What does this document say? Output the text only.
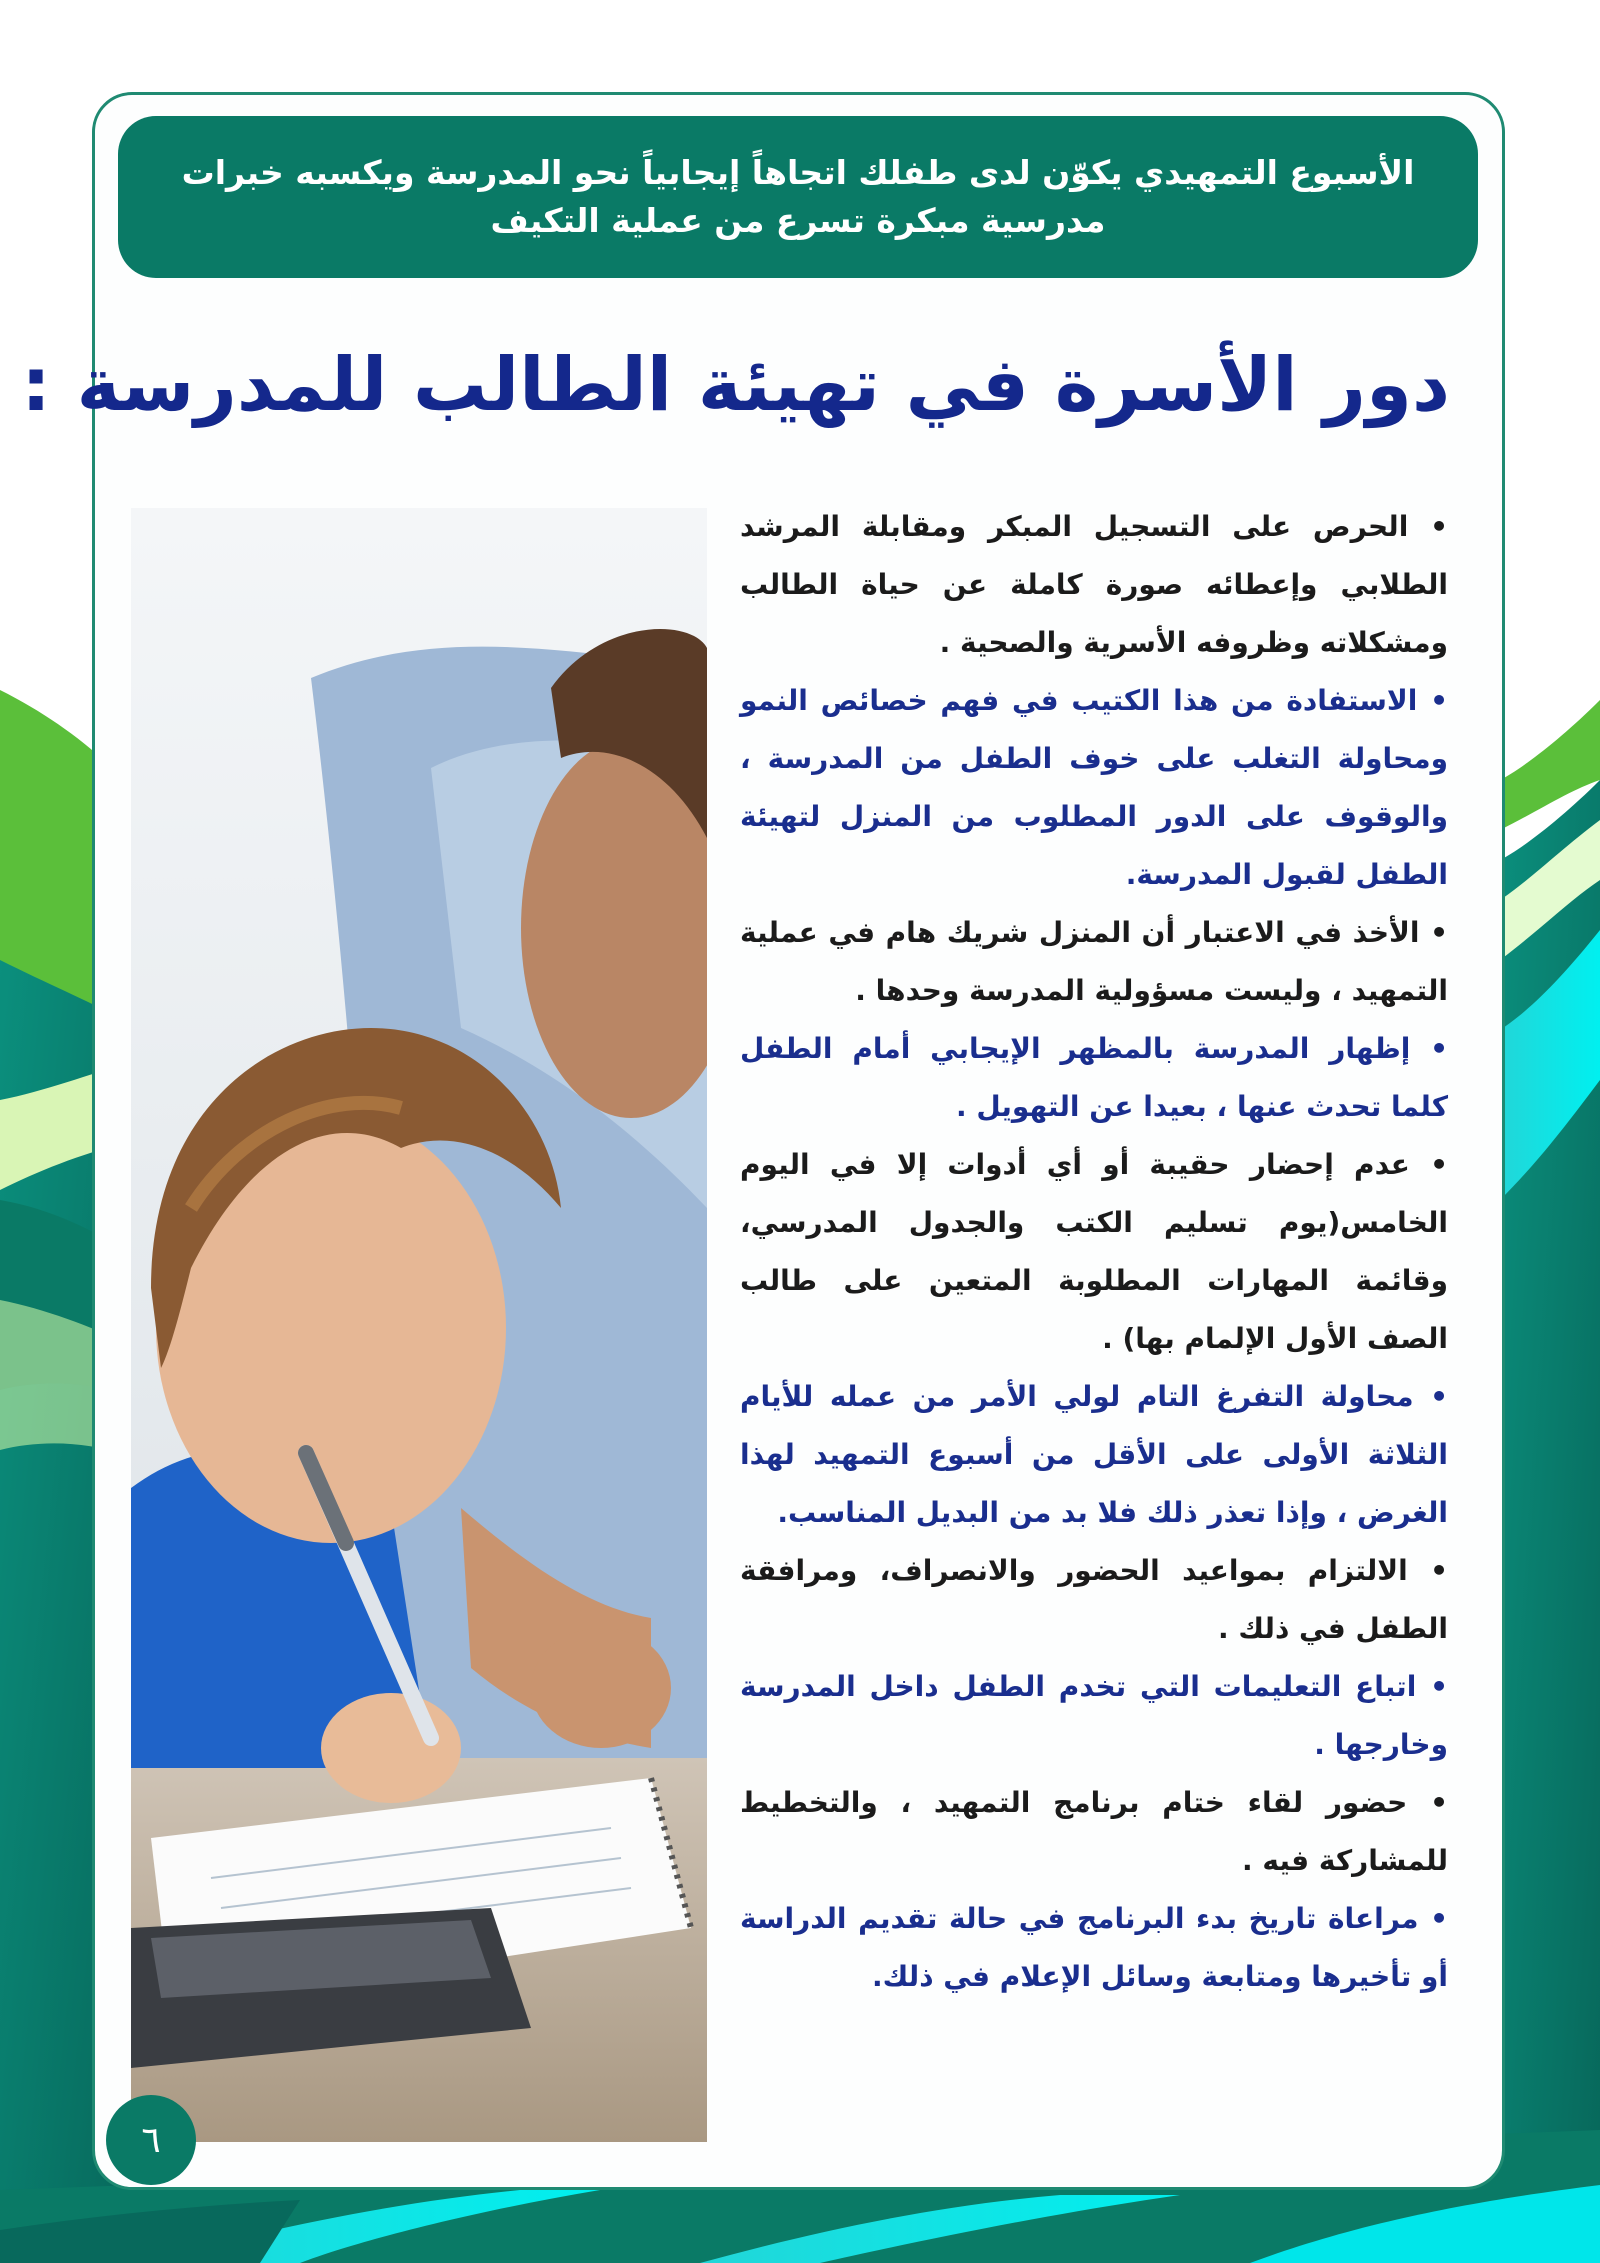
الأسبوع التمهيدي يكوّن لدى طفلك اتجاهاً إيجابياً نحو المدرسة ويكسبه خبرات مدرسية مبكرة تسرع من عملية التكيف
دور الأسرة في تهيئة الطالب للمدرسة :
• الحرص على التسجيل المبكر ومقابلة المرشد الطلابي وإعطائه صورة كاملة عن حياة الطالب ومشكلاته وظروفه الأسرية والصحية .
• الاستفادة من هذا الكتيب في فهم خصائص النمو ومحاولة التغلب على خوف الطفل من المدرسة ، والوقوف على الدور المطلوب من المنزل لتهيئة الطفل لقبول المدرسة.
• الأخذ في الاعتبار أن المنزل شريك هام في عملية التمهيد ، وليست مسؤولية المدرسة وحدها .
• إظهار المدرسة بالمظهر الإيجابي أمام الطفل كلما تحدث عنها ، بعيدا عن التهويل .
• عدم إحضار حقيبة أو أي أدوات إلا في اليوم الخامس(يوم تسليم الكتب والجدول المدرسي، وقائمة المهارات المطلوبة المتعين على طالب الصف الأول الإلمام بها) .
• محاولة التفرغ التام لولي الأمر من عمله للأيام الثلاثة الأولى على الأقل من أسبوع التمهيد لهذا الغرض ، وإذا تعذر ذلك فلا بد من البديل المناسب.
• الالتزام بمواعيد الحضور والانصراف، ومرافقة الطفل في ذلك .
• اتباع التعليمات التي تخدم الطفل داخل المدرسة وخارجها .
• حضور لقاء ختام برنامج التمهيد ، والتخطيط للمشاركة فيه .
• مراعاة تاريخ بدء البرنامج في حالة تقديم الدراسة أو تأخيرها ومتابعة وسائل الإعلام في ذلك.
٦
